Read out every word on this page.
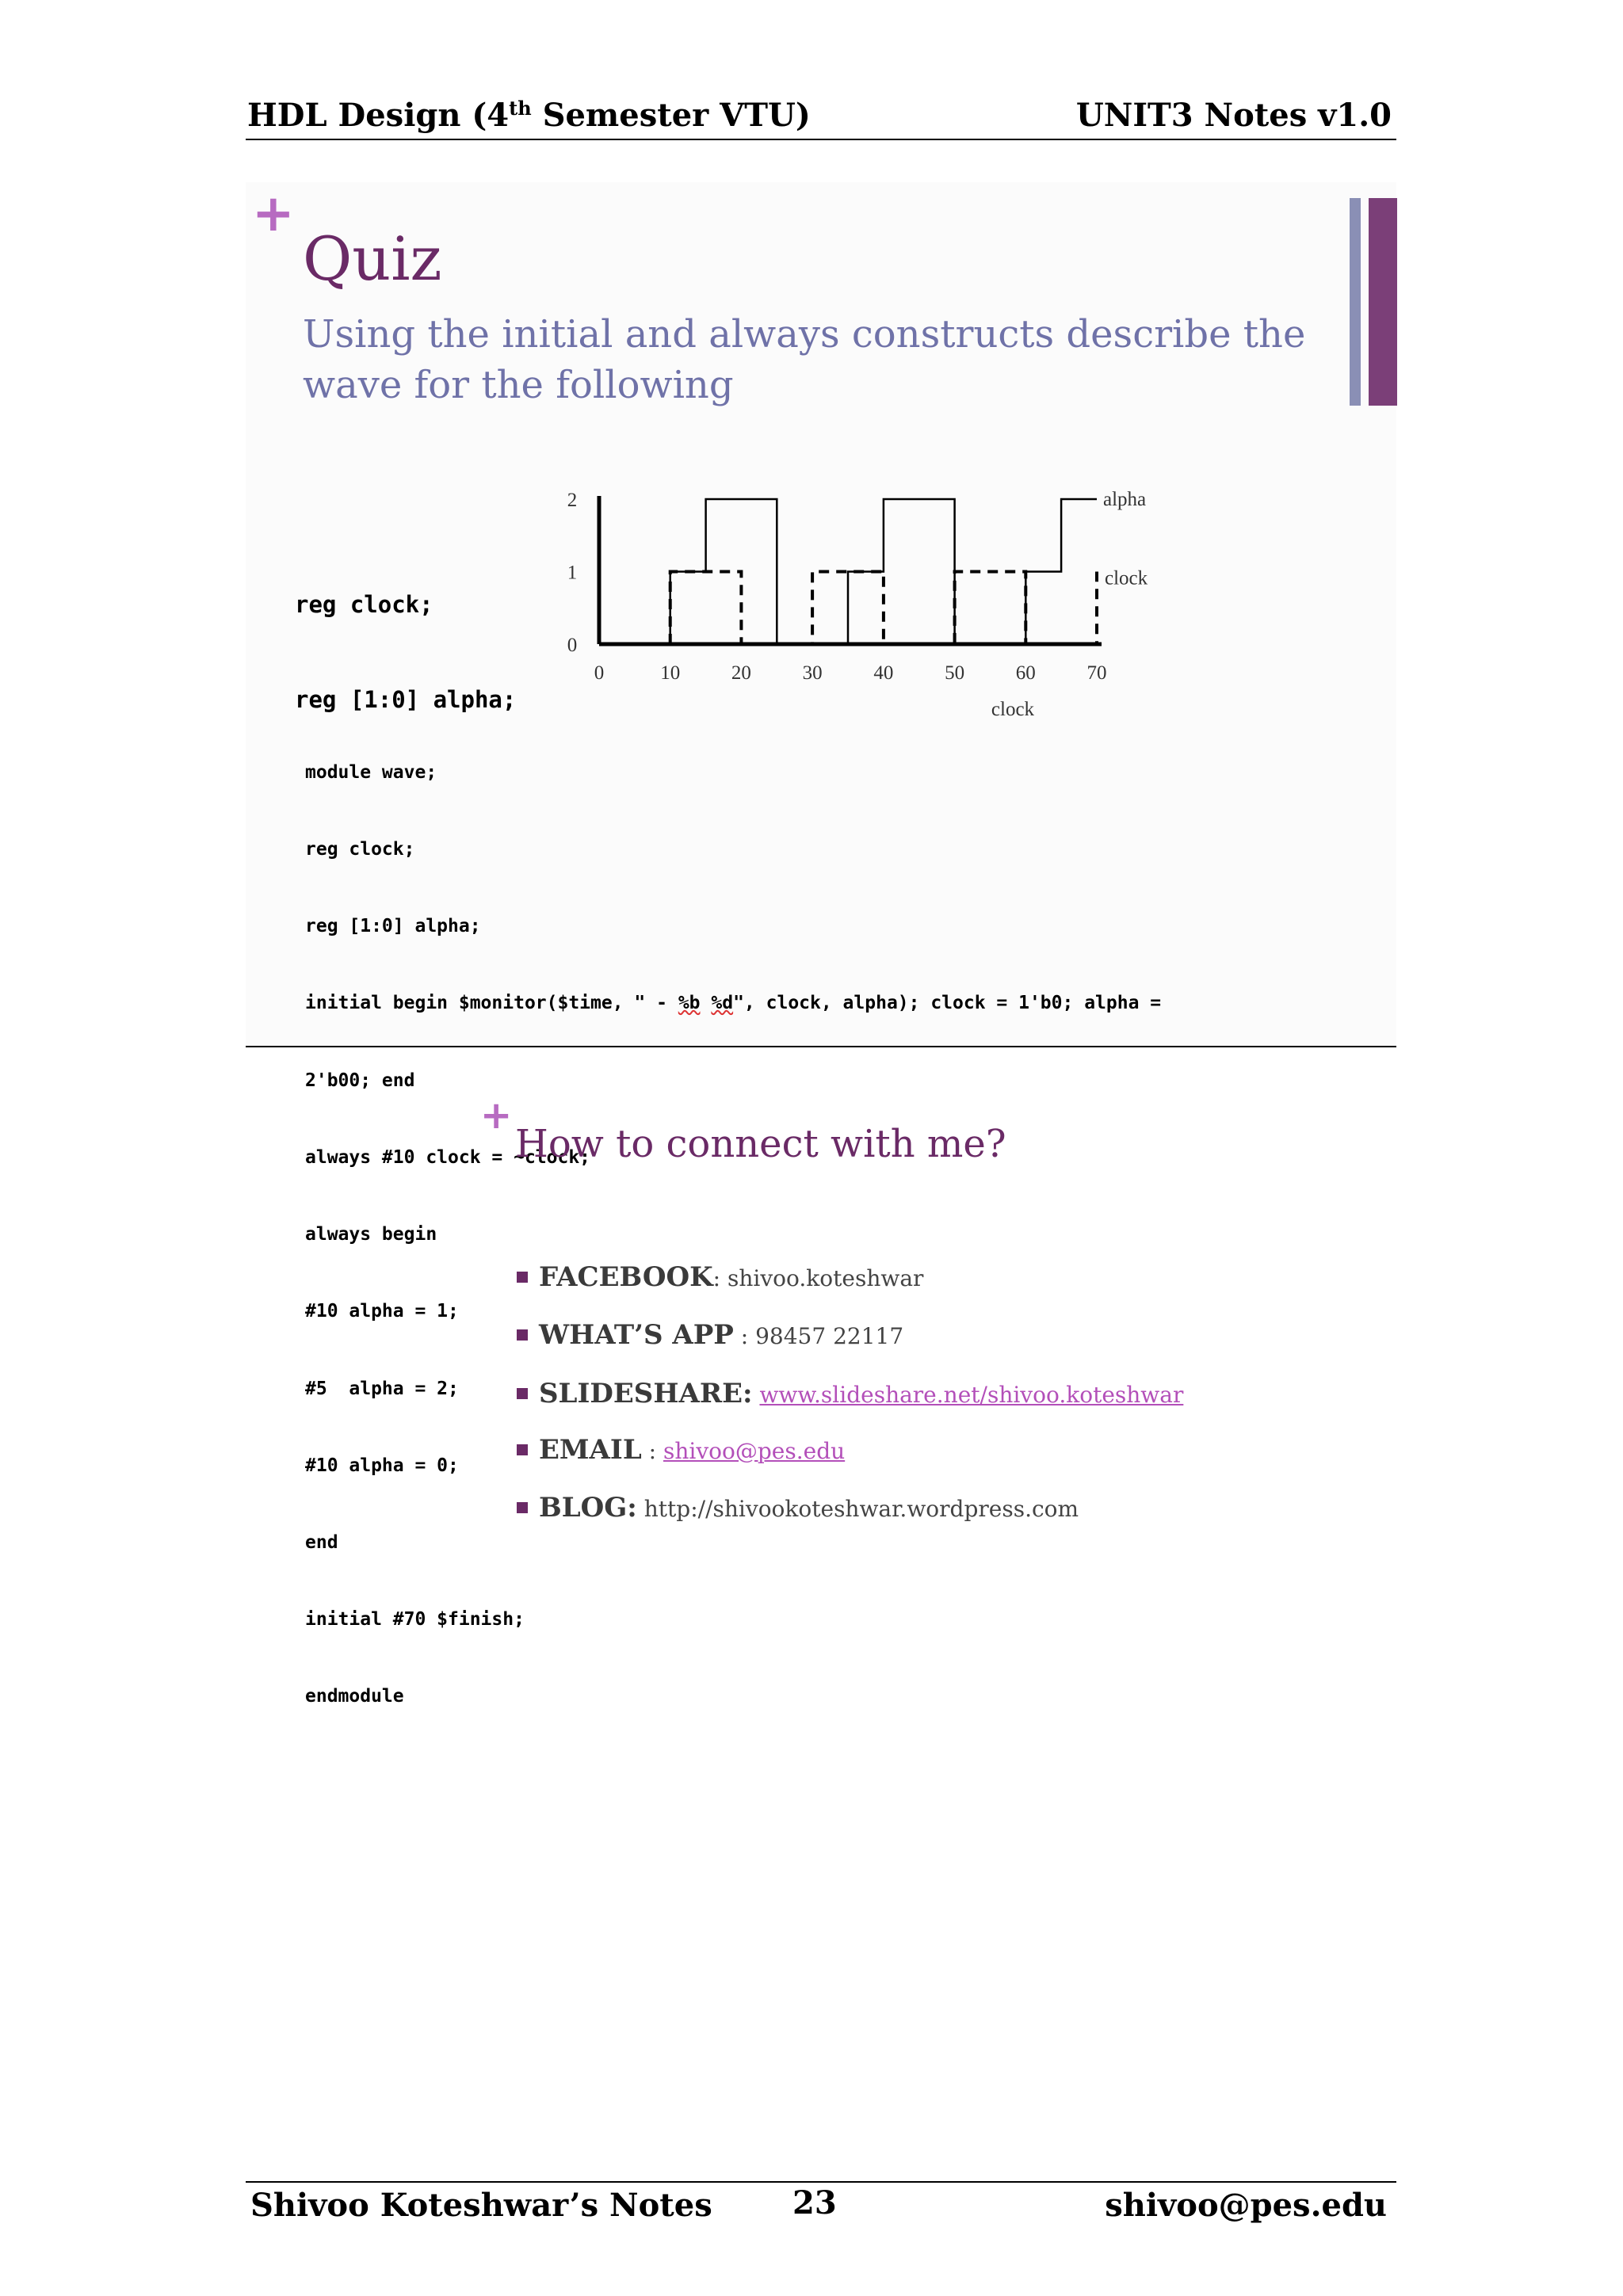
HDL Design (4th Semester VTU)	UNIT3 Notes v1.0
+
Quiz
Using the initial and always constructs describe the wave for the following

reg clock;

reg [1:0] alpha;

0	10	20	30	40	50	60	70
0
1
2
clock
alpha
clock

module wave;

reg clock;

reg [1:0] alpha;

initial begin $monitor($time, " - %b %d", clock, alpha); clock = 1'b0; alpha =

2'b00; end

always #10 clock = ~clock;

always begin

#10 alpha = 1;

#5  alpha = 2;

#10 alpha = 0;

end

initial #70 $finish;

endmodule

+
How to connect with me?
FACEBOOK: shivoo.koteshwar
WHAT’S APP : 98457 22117
SLIDESHARE: www.slideshare.net/shivoo.koteshwar
EMAIL : shivoo@pes.edu
BLOG: http://shivookoteshwar.wordpress.com
Shivoo Koteshwar’s Notes	23	shivoo@pes.edu
